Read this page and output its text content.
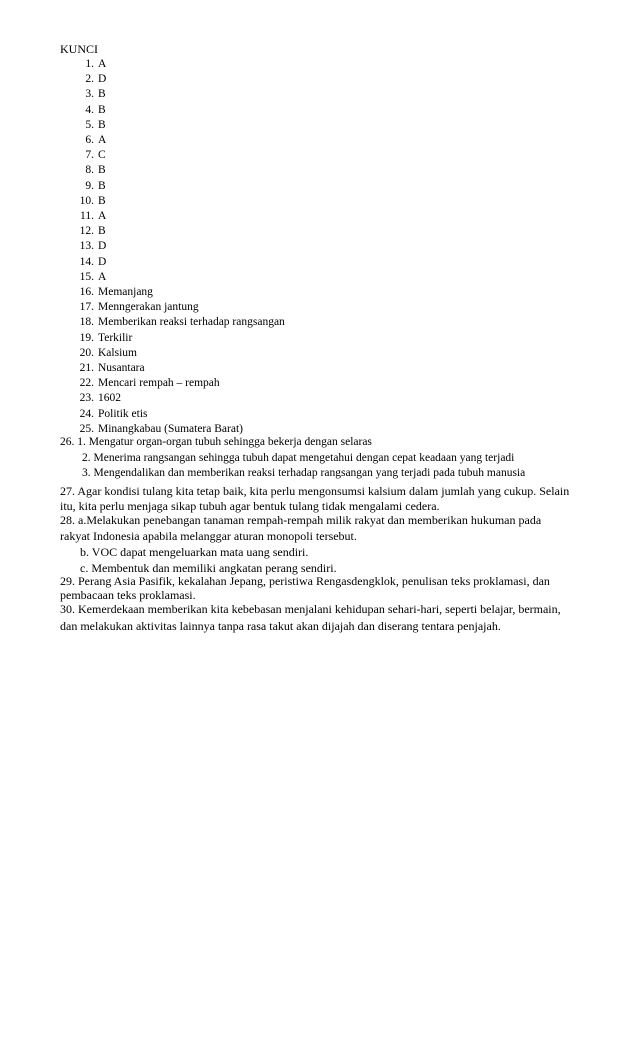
KUNCI
1. A
2. D
3. B
4. B
5. B
6. A
7. C
8. B
9. B
10. B
11. A
12. B
13. D
14. D
15. A
16. Memanjang
17. Menngerakan jantung
18. Memberikan reaksi terhadap rangsangan
19. Terkilir
20. Kalsium
21. Nusantara
22. Mencari rempah – rempah
23. 1602
24. Politik etis
25. Minangkabau (Sumatera Barat)
26. 1. Mengatur organ-organ tubuh sehingga bekerja dengan selaras
2. Menerima rangsangan sehingga tubuh dapat mengetahui dengan cepat keadaan yang terjadi
3. Mengendalikan dan memberikan reaksi terhadap rangsangan yang terjadi pada tubuh manusia
27. Agar kondisi tulang kita tetap baik, kita perlu mengonsumsi kalsium dalam jumlah yang cukup. Selain
itu, kita perlu menjaga sikap tubuh agar bentuk tulang tidak mengalami cedera.
28. a.Melakukan penebangan tanaman rempah-rempah milik rakyat dan memberikan hukuman pada
rakyat Indonesia apabila melanggar aturan monopoli tersebut.
b. VOC dapat mengeluarkan mata uang sendiri.
c. Membentuk dan memiliki angkatan perang sendiri.
29. Perang Asia Pasifik, kekalahan Jepang, peristiwa Rengasdengklok, penulisan teks proklamasi, dan
pembacaan teks proklamasi.
30. Kemerdekaan memberikan kita kebebasan menjalani kehidupan sehari-hari, seperti belajar, bermain,
dan melakukan aktivitas lainnya tanpa rasa takut akan dijajah dan diserang tentara penjajah.
